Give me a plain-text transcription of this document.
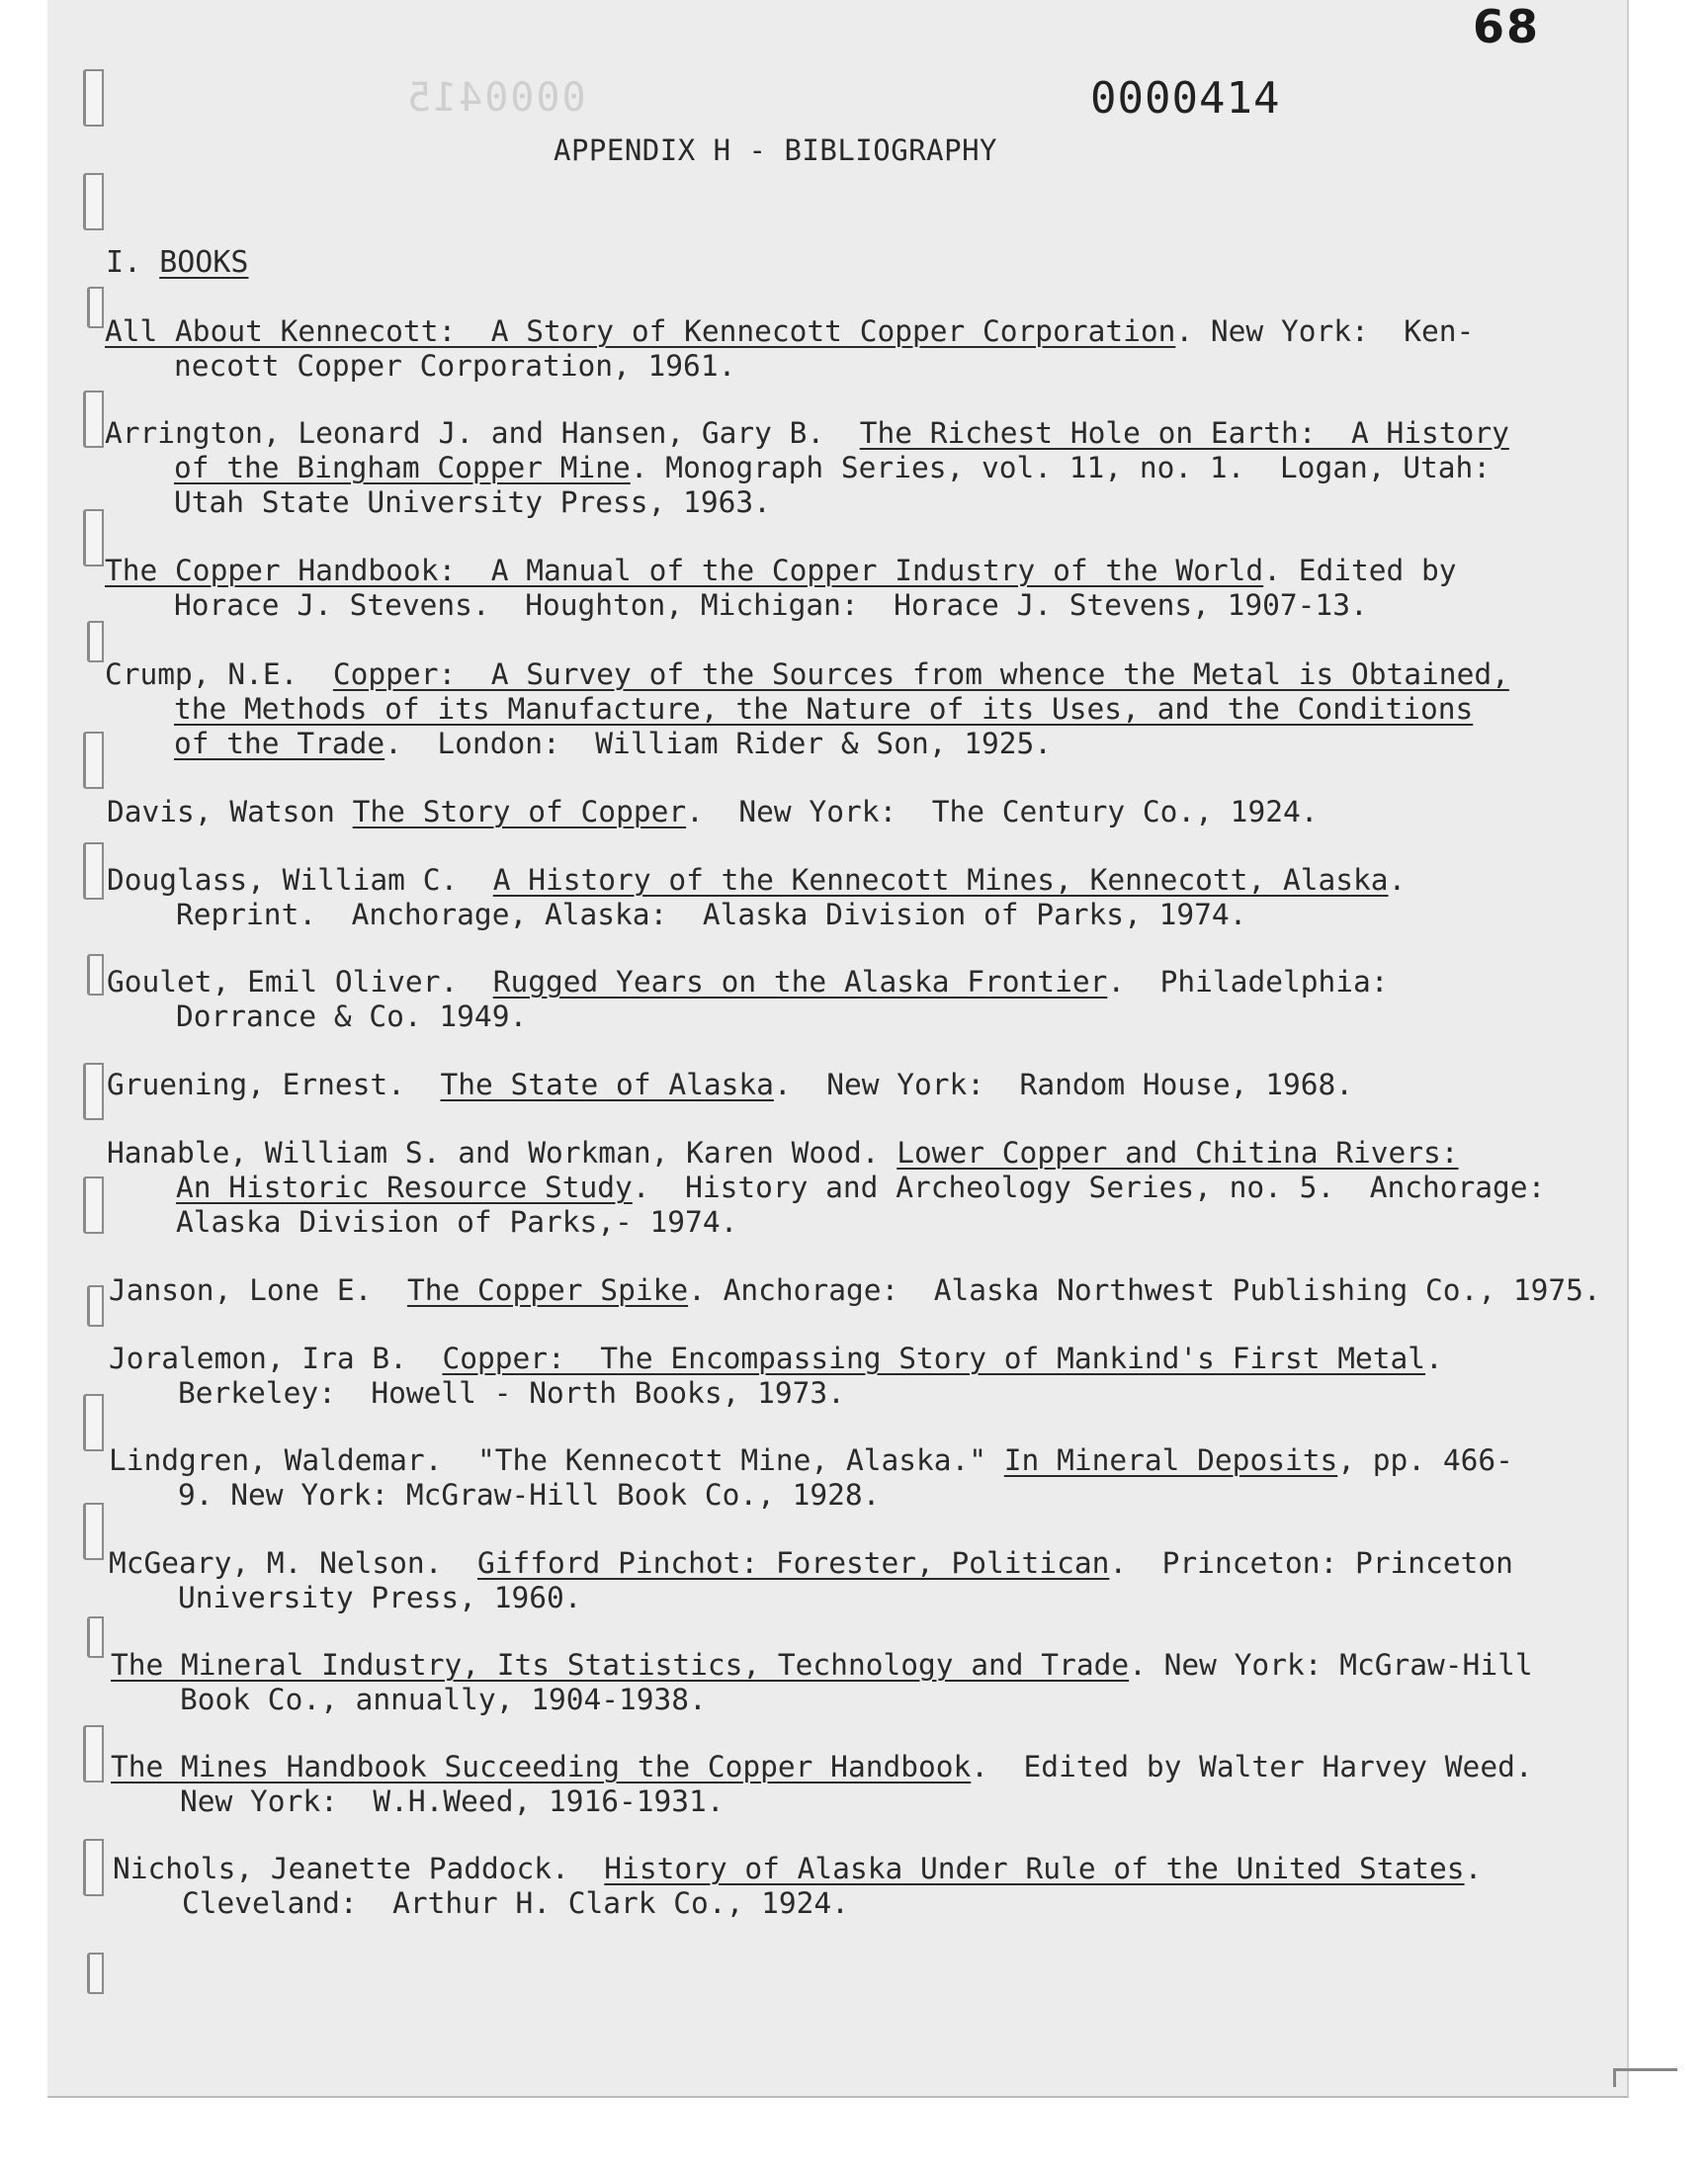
68
0000415	0000414
APPENDIX H - BIBLIOGRAPHY
I. BOOKS
All About Kennecott:  A Story of Kennecott Copper Corporation. New York:  Ken-
necott Copper Corporation, 1961.
Arrington, Leonard J. and Hansen, Gary B.  The Richest Hole on Earth:  A History
of the Bingham Copper Mine. Monograph Series, vol. 11, no. 1.  Logan, Utah:
Utah State University Press, 1963.
The Copper Handbook:  A Manual of the Copper Industry of the World. Edited by
Horace J. Stevens.  Houghton, Michigan:  Horace J. Stevens, 1907-13.
Crump, N.E.  Copper:  A Survey of the Sources from whence the Metal is Obtained,
the Methods of its Manufacture, the Nature of its Uses, and the Conditions
of the Trade.  London:  William Rider & Son, 1925.
Davis, Watson The Story of Copper.  New York:  The Century Co., 1924.
Douglass, William C.  A History of the Kennecott Mines, Kennecott, Alaska.
Reprint.  Anchorage, Alaska:  Alaska Division of Parks, 1974.
Goulet, Emil Oliver.  Rugged Years on the Alaska Frontier.  Philadelphia:
Dorrance & Co. 1949.
Gruening, Ernest.  The State of Alaska.  New York:  Random House, 1968.
Hanable, William S. and Workman, Karen Wood. Lower Copper and Chitina Rivers:
An Historic Resource Study.  History and Archeology Series, no. 5.  Anchorage:
Alaska Division of Parks,- 1974.
Janson, Lone E.  The Copper Spike. Anchorage:  Alaska Northwest Publishing Co., 1975.
Joralemon, Ira B.  Copper:  The Encompassing Story of Mankind's First Metal.
Berkeley:  Howell - North Books, 1973.
Lindgren, Waldemar.  "The Kennecott Mine, Alaska." In Mineral Deposits, pp. 466-
9. New York: McGraw-Hill Book Co., 1928.
McGeary, M. Nelson.  Gifford Pinchot: Forester, Politican.  Princeton: Princeton
University Press, 1960.
The Mineral Industry, Its Statistics, Technology and Trade. New York: McGraw-Hill
Book Co., annually, 1904-1938.
The Mines Handbook Succeeding the Copper Handbook.  Edited by Walter Harvey Weed.
New York:  W.H.Weed, 1916-1931.
Nichols, Jeanette Paddock.  History of Alaska Under Rule of the United States.
Cleveland:  Arthur H. Clark Co., 1924.
